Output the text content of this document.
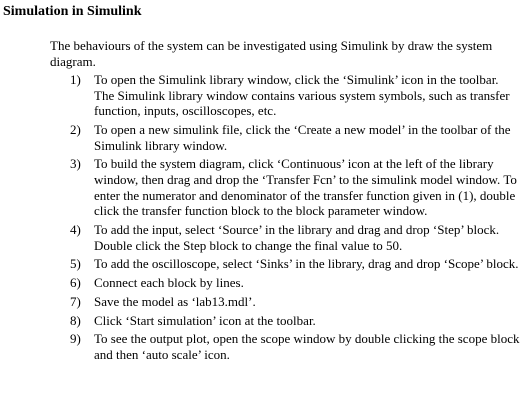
Simulation in Simulink

The behaviours of the system can be investigated using Simulink by draw the system diagram.

1)	To open the Simulink library window, click the ‘Simulink’ icon in the toolbar. The Simulink library window contains various system symbols, such as transfer function, inputs, oscilloscopes, etc.
2)	To open a new simulink file, click the ‘Create a new model’ in the toolbar of the Simulink library window.
3)	To build the system diagram, click ‘Continuous’ icon at the left of the library window, then drag and drop the ‘Transfer Fcn’ to the simulink model window. To enter the numerator and denominator of the transfer function given in (1), double click the transfer function block to the block parameter window.
4)	To add the input, select ‘Source’ in the library and drag and drop ‘Step’ block. Double click the Step block to change the final value to 50.
5)	To add the oscilloscope, select ‘Sinks’ in the library, drag and drop ‘Scope’ block.
6)	Connect each block by lines.
7)	Save the model as ‘lab13.mdl’.
8)	Click ‘Start simulation’ icon at the toolbar.
9)	To see the output plot, open the scope window by double clicking the scope block and then ‘auto scale’ icon.
